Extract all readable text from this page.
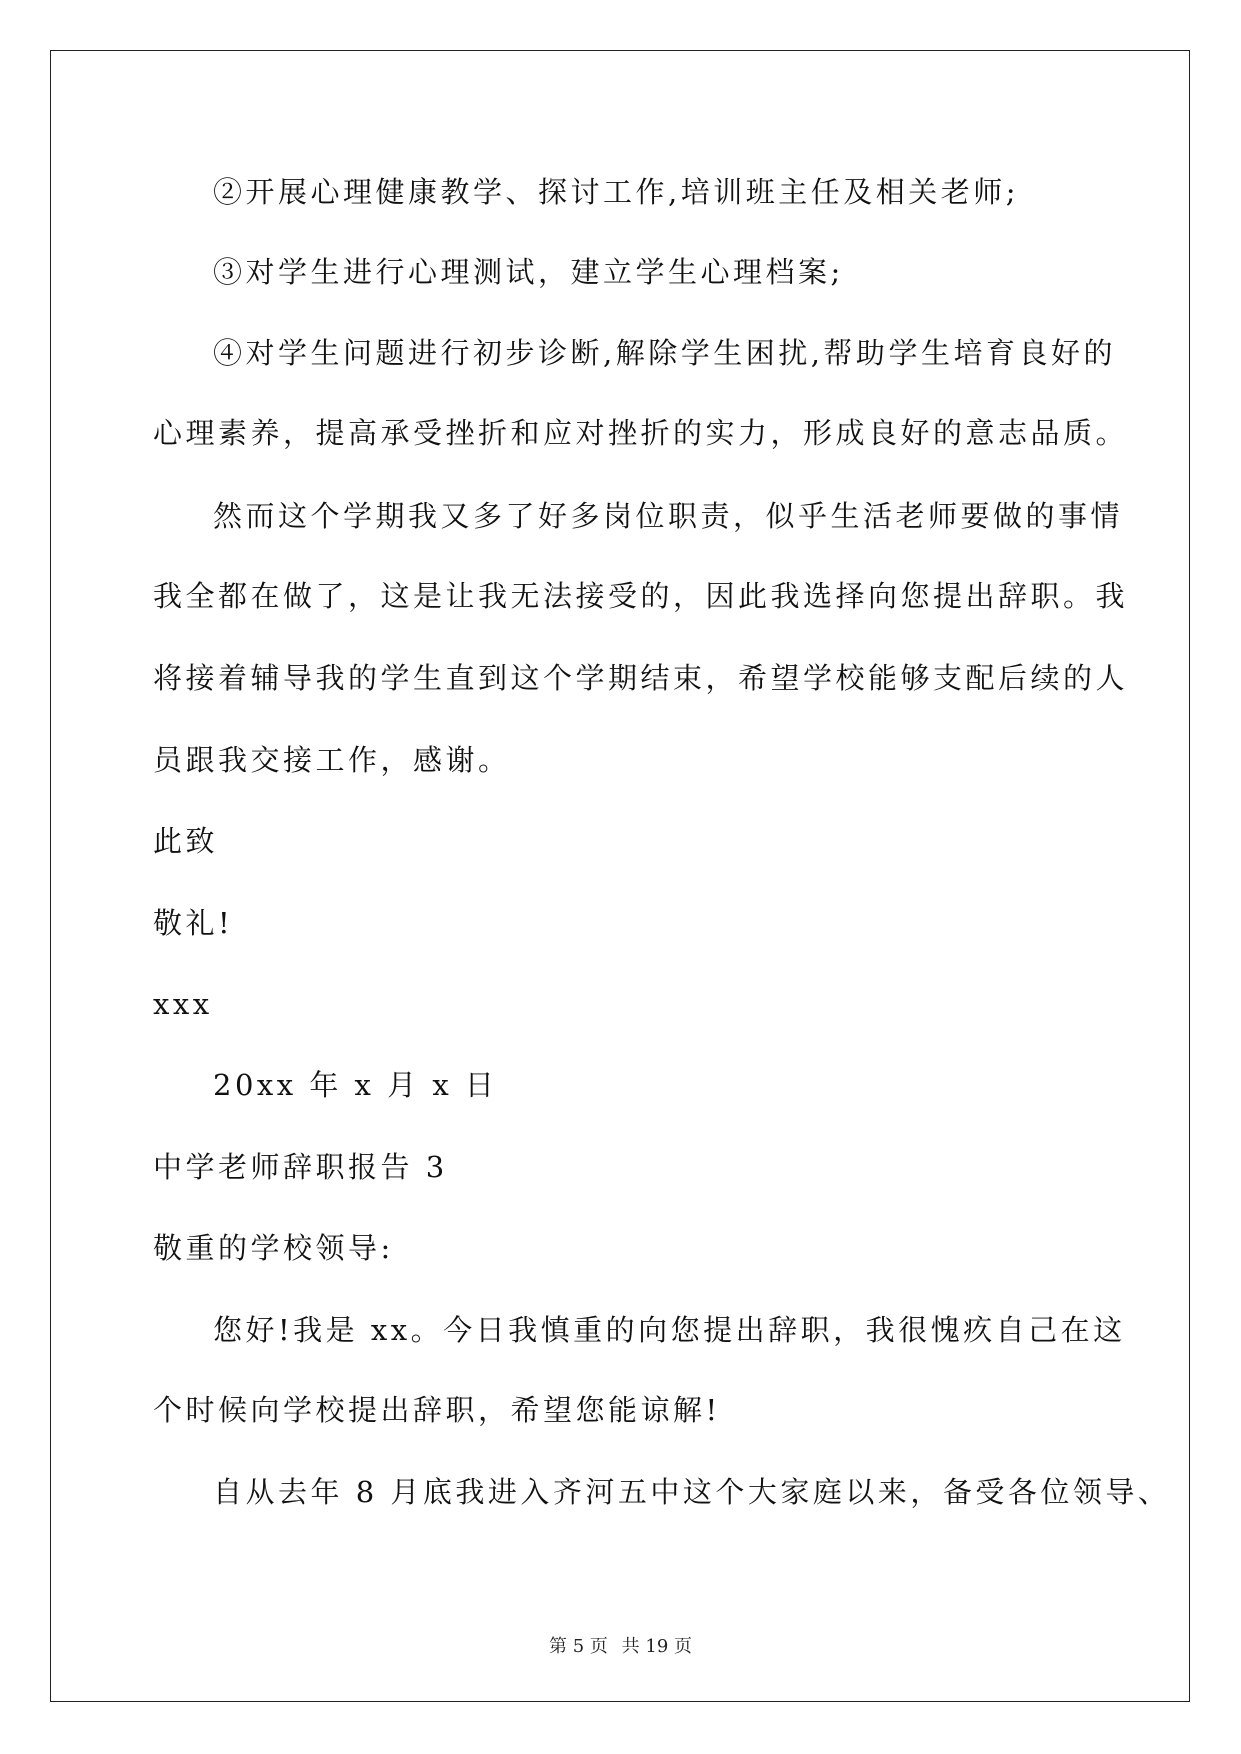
②开展心理健康教学、探讨工作,培训班主任及相关老师;
③对学生进行心理测试，建立学生心理档案;
④对学生问题进行初步诊断,解除学生困扰,帮助学生培育良好的
心理素养，提高承受挫折和应对挫折的实力，形成良好的意志品质。
然而这个学期我又多了好多岗位职责，似乎生活老师要做的事情
我全都在做了，这是让我无法接受的，因此我选择向您提出辞职。我
将接着辅导我的学生直到这个学期结束，希望学校能够支配后续的人
员跟我交接工作，感谢。
此致
敬礼!
xxx
20xx 年 x 月 x 日
中学老师辞职报告 3
敬重的学校领导:
您好!我是 xx。今日我慎重的向您提出辞职，我很愧疚自己在这
个时候向学校提出辞职，希望您能谅解!
自从去年 8 月底我进入齐河五中这个大家庭以来，备受各位领导、
第 5 页 共 19 页
